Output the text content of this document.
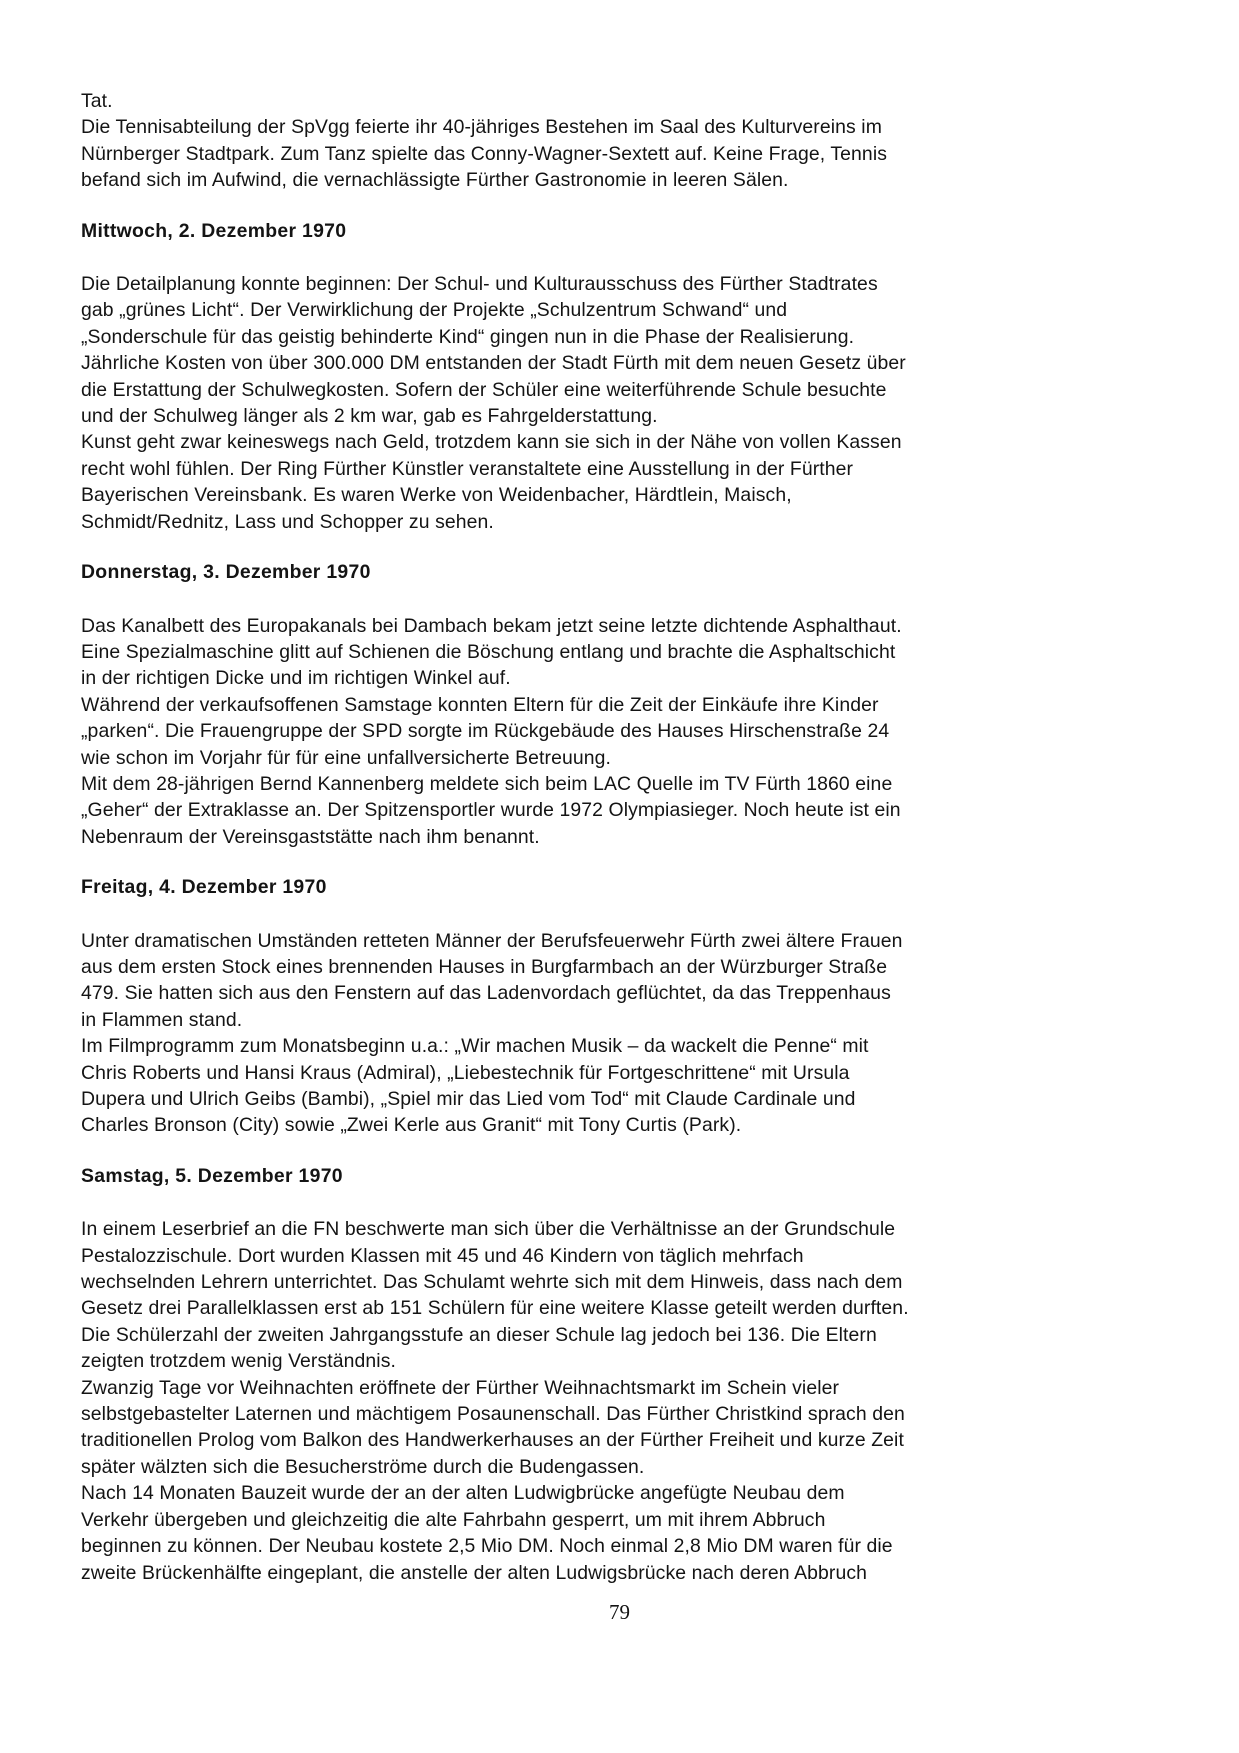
Tat.
Die Tennisabteilung der SpVgg feierte ihr 40-jähriges Bestehen im Saal des Kulturvereins im
Nürnberger Stadtpark. Zum Tanz spielte das Conny-Wagner-Sextett auf. Keine Frage, Tennis
befand sich im Aufwind, die vernachlässigte Fürther Gastronomie in leeren Sälen.
Mittwoch, 2. Dezember 1970
Die Detailplanung konnte beginnen: Der Schul- und Kulturausschuss des Fürther Stadtrates
gab „grünes Licht“. Der Verwirklichung der Projekte „Schulzentrum Schwand“ und
„Sonderschule für das geistig behinderte Kind“ gingen nun in die Phase der Realisierung.
Jährliche Kosten von über 300.000 DM entstanden der Stadt Fürth mit dem neuen Gesetz über
die Erstattung der Schulwegkosten. Sofern der Schüler eine weiterführende Schule besuchte
und der Schulweg länger als 2 km war, gab es Fahrgelderstattung.
Kunst geht zwar keineswegs nach Geld, trotzdem kann sie sich in der Nähe von vollen Kassen
recht wohl fühlen. Der Ring Fürther Künstler veranstaltete eine Ausstellung in der Fürther
Bayerischen Vereinsbank. Es waren Werke von Weidenbacher, Härdtlein, Maisch,
Schmidt/Rednitz, Lass und Schopper zu sehen.
Donnerstag, 3. Dezember 1970
Das Kanalbett des Europakanals bei Dambach bekam jetzt seine letzte dichtende Asphalthaut.
Eine Spezialmaschine glitt auf Schienen die Böschung entlang und brachte die Asphaltschicht
in der richtigen Dicke und im richtigen Winkel auf.
Während der verkaufsoffenen Samstage konnten Eltern für die Zeit der Einkäufe ihre Kinder
„parken“. Die Frauengruppe der SPD sorgte im Rückgebäude des Hauses Hirschenstraße 24
wie schon im Vorjahr für für eine unfallversicherte Betreuung.
Mit dem 28-jährigen Bernd Kannenberg meldete sich beim LAC Quelle im TV Fürth 1860 eine
„Geher“ der Extraklasse an. Der Spitzensportler wurde 1972 Olympiasieger. Noch heute ist ein
Nebenraum der Vereinsgaststätte nach ihm benannt.
Freitag, 4. Dezember 1970
Unter dramatischen Umständen retteten Männer der Berufsfeuerwehr Fürth zwei ältere Frauen
aus dem ersten Stock eines brennenden Hauses in Burgfarmbach an der Würzburger Straße
479. Sie hatten sich aus den Fenstern auf das Ladenvordach geflüchtet, da das Treppenhaus
in Flammen stand.
Im Filmprogramm zum Monatsbeginn u.a.: „Wir machen Musik – da wackelt die Penne“ mit
Chris Roberts und Hansi Kraus (Admiral), „Liebestechnik für Fortgeschrittene“ mit Ursula
Dupera und Ulrich Geibs (Bambi), „Spiel mir das Lied vom Tod“ mit Claude Cardinale und
Charles Bronson (City) sowie „Zwei Kerle aus Granit“ mit Tony Curtis (Park).
Samstag, 5. Dezember 1970
In einem Leserbrief an die FN beschwerte man sich über die Verhältnisse an der Grundschule
Pestalozzischule. Dort wurden Klassen mit 45 und 46 Kindern von täglich mehrfach
wechselnden Lehrern unterrichtet. Das Schulamt wehrte sich mit dem Hinweis, dass nach dem
Gesetz drei Parallelklassen erst ab 151 Schülern für eine weitere Klasse geteilt werden durften.
Die Schülerzahl der zweiten Jahrgangsstufe an dieser Schule lag jedoch bei 136. Die Eltern
zeigten trotzdem wenig Verständnis.
Zwanzig Tage vor Weihnachten eröffnete der Fürther Weihnachtsmarkt im Schein vieler
selbstgebastelter Laternen und mächtigem Posaunenschall. Das Fürther Christkind sprach den
traditionellen Prolog vom Balkon des Handwerkerhauses an der Fürther Freiheit und kurze Zeit
später wälzten sich die Besucherströme durch die Budengassen.
Nach 14 Monaten Bauzeit wurde der an der alten Ludwigbrücke angefügte Neubau dem
Verkehr übergeben und gleichzeitig die alte Fahrbahn gesperrt, um mit ihrem Abbruch
beginnen zu können. Der Neubau kostete 2,5 Mio DM. Noch einmal 2,8 Mio DM waren für die
zweite Brückenhälfte eingeplant, die anstelle der alten Ludwigsbrücke nach deren Abbruch
79
